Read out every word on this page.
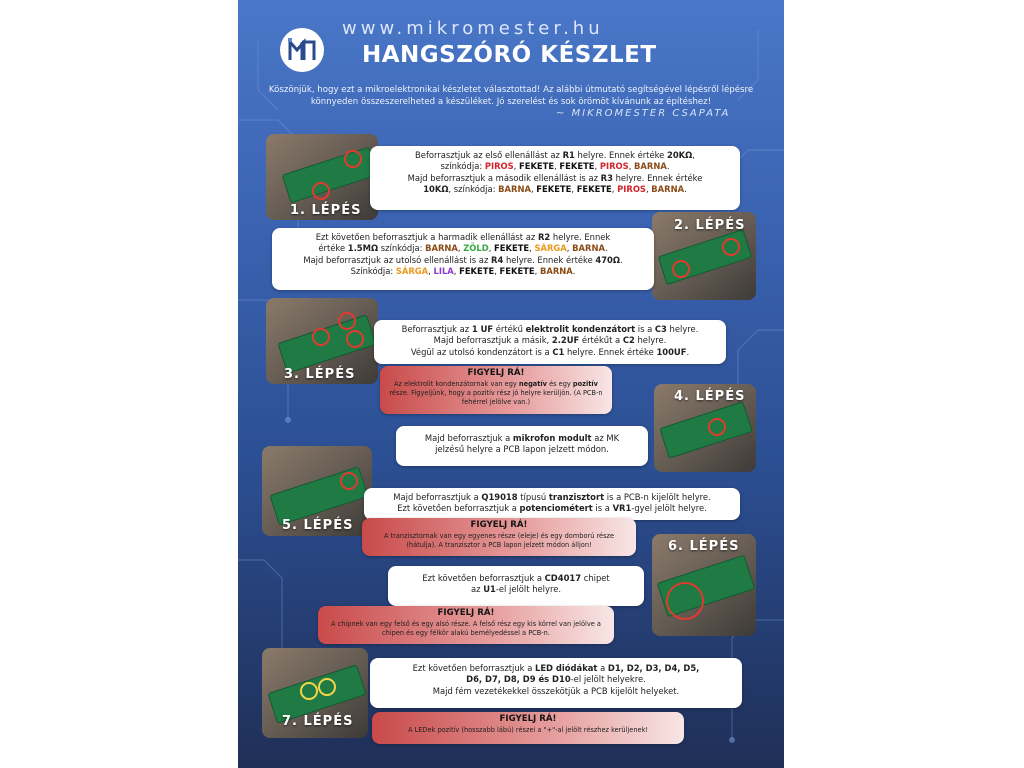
www.mikromester.hu
HANGSZÓRÓ KÉSZLET
Köszönjük, hogy ezt a mikroelektronikai készletet választottad! Az alábbi útmutató segítségével lépésről lépésre könnyeden összeszerelheted a készüléket. Jó szerelést és sok örömöt kívánunk az építéshez!
~ MIKROMESTER CSAPATA
1. LÉPÉS
Beforrasztjuk az első ellenállást az R1 helyre. Ennek értéke 20KΩ,
színkódja: PIROS, FEKETE, FEKETE, PIROS, BARNA.
Majd beforrasztjuk a második ellenállást is az R3 helyre. Ennek értéke
10KΩ, színkódja: BARNA, FEKETE, FEKETE, PIROS, BARNA.
2. LÉPÉS
Ezt követően beforrasztjuk a harmadik ellenállást az R2 helyre. Ennek
értéke 1.5MΩ színkódja: BARNA, ZÖLD, FEKETE, SÁRGA, BARNA.
Majd beforrasztjuk az utolsó ellenállást is az R4 helyre. Ennek értéke 470Ω.
Színkódja: SÁRGA, LILA, FEKETE, FEKETE, BARNA.
3. LÉPÉS
Beforrasztjuk az 1 UF értékű elektrolit kondenzátort is a C3 helyre.
Majd beforrasztjuk a másik, 2.2UF értékűt a C2 helyre.
Végül az utolsó kondenzátort is a C1 helyre. Ennek értéke 100UF.
FIGYELJ RÁ!
Az elektrolit kondenzátornak van egy negatív és egy pozitív része. Figyeljünk, hogy a pozitív rész jó helyre kerüljön. (A PCB-n fehérrel jelölve van.)	4. LÉPÉS
Majd beforrasztjuk a mikrofon modult az MK
jelzésű helyre a PCB lapon jelzett módon.
5. LÉPÉS
Majd beforrasztjuk a Q19018 típusú tranzisztort is a PCB-n kijelölt helyre.
Ezt követően beforrasztjuk a potenciométert is a VR1-gyel jelölt helyre.
FIGYELJ RÁ!
A tranzisztornak van egy egyenes része (eleje) és egy domború része (hátulja). A tranzisztor a PCB lapon jelzett módon álljon!	6. LÉPÉS
Ezt követően beforrasztjuk a CD4017 chipet
az U1-el jelölt helyre.
FIGYELJ RÁ!
A chipnek van egy felső és egy alsó része. A felső rész egy kis körrel van jelölve a chipen és egy félkör alakú bemélyedéssel a PCB-n.
7. LÉPÉS
Ezt követően beforrasztjuk a LED diódákat a D1, D2, D3, D4, D5,
D6, D7, D8, D9 és D10-el jelölt helyekre.
Majd fém vezetékekkel összekötjük a PCB kijelölt helyeket.
FIGYELJ RÁ!
A LEDek pozitív (hosszabb lábú) részei a "+"-al jelölt részhez kerüljenek!
